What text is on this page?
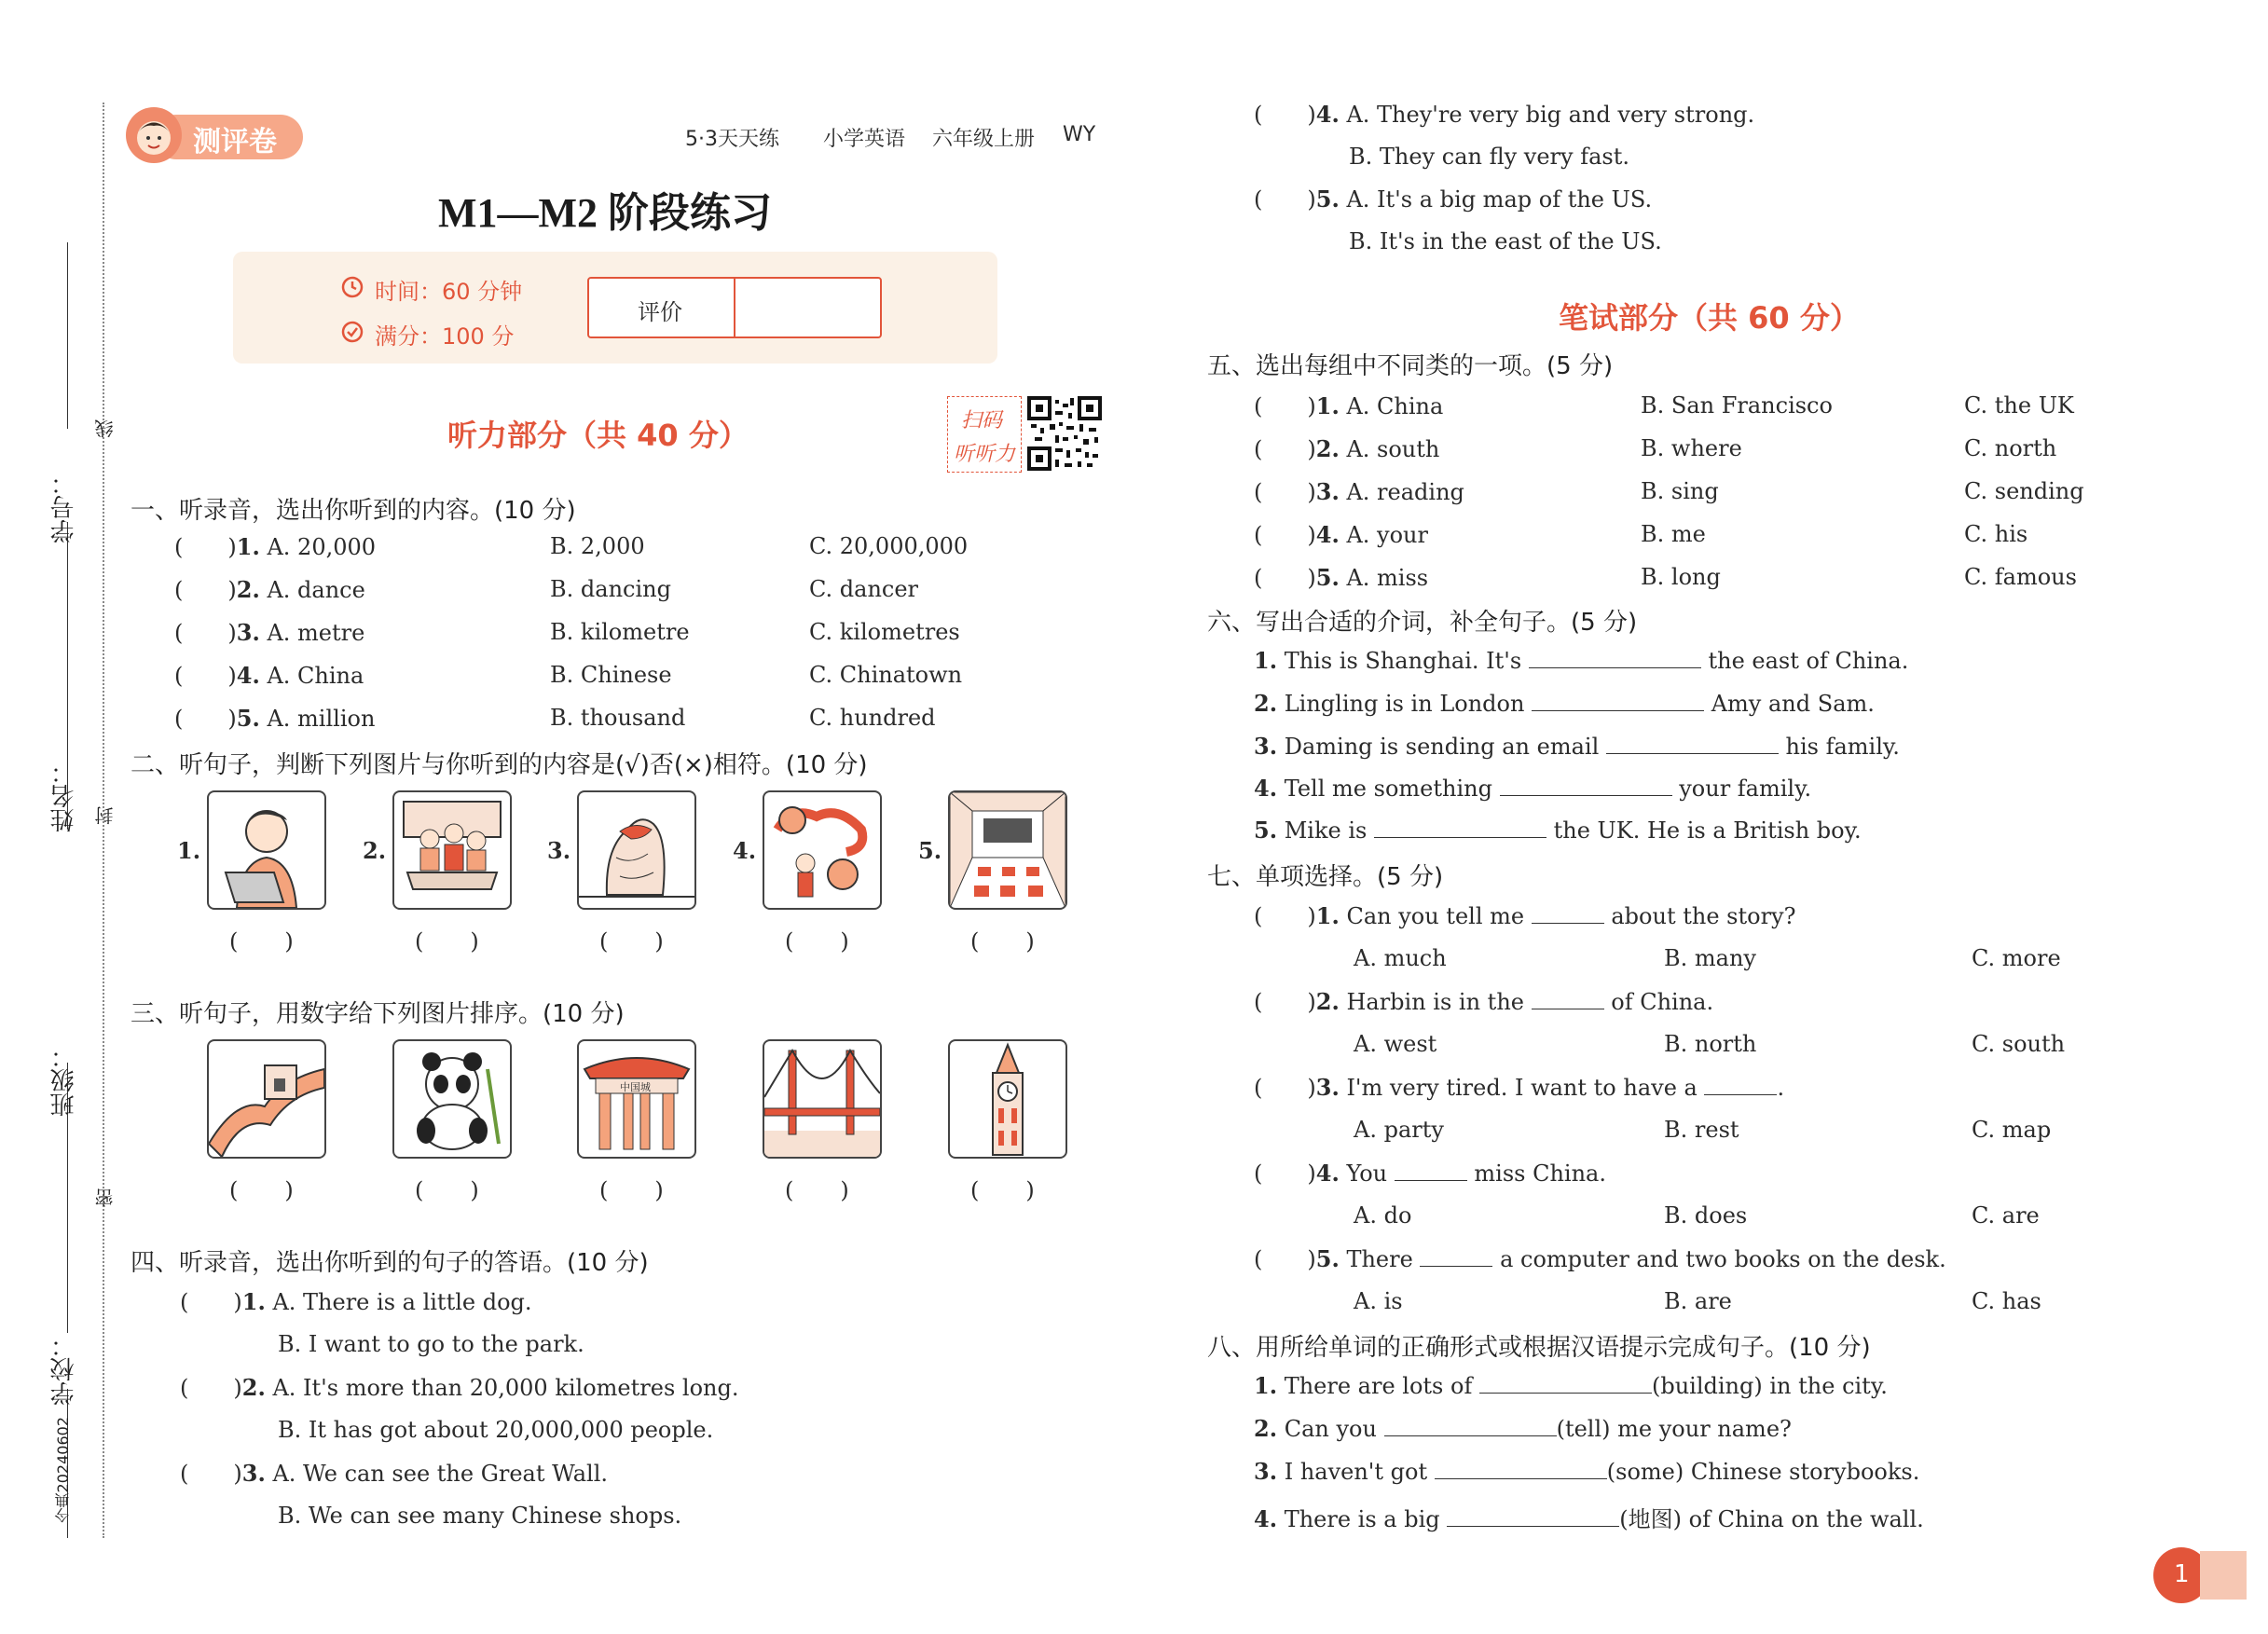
学号：
姓名：
班级：
学校：
线
封
密
今典20240602
测评卷	5·3天天练 小学英语 六年级上册 WY
M1—M2 阶段练习
时间：60 分钟
满分：100 分
评价
听力部分（共 40 分）	扫码
听听力
一、听录音，选出你听到的内容。(10 分)
( )1. A. 20,000	B. 2,000	C. 20,000,000
( )2. A. dance	B. dancing	C. dancer
( )3. A. metre	B. kilometre	C. kilometres
( )4. A. China	B. Chinese	C. Chinatown
( )5. A. million	B. thousand	C. hundred
二、听句子，判断下列图片与你听到的内容是(√)否(×)相符。(10 分)
1.
( )
2.
( )
3.
( )
4.
( )
5.
( )
三、听句子，用数字给下列图片排序。(10 分)
( )	( )
中国城
( )	( )	( )
四、听录音，选出你听到的句子的答语。(10 分)
( )1. A. There is a little dog.
B. I want to go to the park.
( )2. A. It's more than 20,000 kilometres long.
B. It has got about 20,000,000 people.
( )3. A. We can see the Great Wall.
B. We can see many Chinese shops.
( )4. A. They're very big and very strong.
B. They can fly very fast.
( )5. A. It's a big map of the US.
B. It's in the east of the US.
笔试部分（共 60 分）
五、选出每组中不同类的一项。(5 分)
( )1. A. China	B. San Francisco	C. the UK
( )2. A. south	B. where	C. north
( )3. A. reading	B. sing	C. sending
( )4. A. your	B. me	C. his
( )5. A. miss	B. long	C. famous
六、写出合适的介词，补全句子。(5 分)
1. This is Shanghai. It's	the east of China.
2. Lingling is in London	Amy and Sam.
3. Daming is sending an email	his family.
4. Tell me something	your family.
5. Mike is	the UK. He is a British boy.
七、单项选择。(5 分)
( )1. Can you tell me	about the story?
A. much	B. many	C. more
( )2. Harbin is in the	of China.
A. west	B. north	C. south
( )3. I'm very tired. I want to have a	.
A. party	B. rest	C. map
( )4. You	miss China.
A. do	B. does	C. are
( )5. There	a computer and two books on the desk.
A. is	B. are	C. has
八、用所给单词的正确形式或根据汉语提示完成句子。(10 分)
1. There are lots of	(building) in the city.
2. Can you	(tell) me your name?
3. I haven't got	(some) Chinese storybooks.
4. There is a big	(地图) of China on the wall.
1
